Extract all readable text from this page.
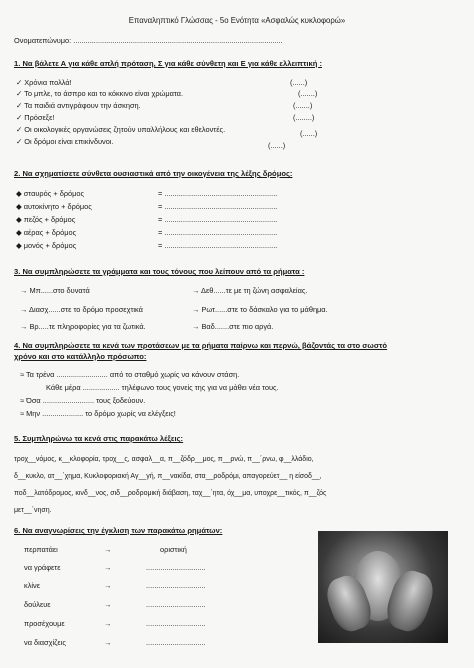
Επαναληπτικό Γλώσσας - 5ο Ενότητα «Ασφαλώς κυκλοφορώ»
Ονοματεπώνυμο: ......................................................................................................
1. Να βάλετε Α για κάθε απλή πρόταση, Σ για κάθε σύνθετη και Ε για κάθε ελλειπτική :
✓ Χρόνια πολλά!	(......)
✓ Το μπλε, το άσπρο και το κόκκινο είναι χρώματα.	(.......)
✓ Τα παιδιά αντιγράφουν την άσκηση.	(.......)
✓ Πρόσεξε!	(........)
✓ Οι οικολογικές οργανώσεις ζητούν υπαλλήλους και εθελοντές.	(......)
✓ Οι δρόμοι είναι επικίνδυνοι.	(......)
2. Να σχηματίσετε σύνθετα ουσιαστικά από την οικογένεια της λέξης δρόμος:
◆ σταυρός + δρόμος	= .......................................................
◆ αυτοκίνητο + δρόμος	= .......................................................
◆ πεζός + δρόμος	= .......................................................
◆ αέρας + δρόμος	= .......................................................
◆ μονός + δρόμος	= .......................................................
3. Να συμπληρώσετε τα γράμματα και τους τόνους που λείπουν από τα ρήματα :
→ Μπ......στο δυνατά	→ Δεθ......τε με τη ζώνη ασφαλείας.
→ Διασχ......στε το δρόμο προσεχτικά	→ Ρωτ......στε το δάσκαλο για το μάθημα.
→ Βρ.....τε πληροφορίες για τα ζωτικά.	→ Βαδ.......στε πιο αργά.
4. Να συμπληρώσετε τα κενά των προτάσεων με τα ρήματα παίρνω και περνώ, βάζοντάς τα στο σωστό
χρόνο και στο κατάλληλο πρόσωπο:
≈ Τα τρένα ......................... από το σταθμό χωρίς να κάνουν στάση.
Κάθε μέρα .................. τηλέφωνο τους γονείς της για να μάθει νέα τους.
≈ Όσα ......................... τους ξοδεύουν.
≈ Μην .................... το δρόμο χωρίς να ελέγξεις!
5. Συμπληρώνω τα κενά στις παρακάτω λέξεις:
τροχ__νόμος, κ__κλοφορία, τροχ__ς, ασφαλ__α, π__ζόδρ__μος, π__ρνώ, π__΄ρνω, φ__λλάδιο,
δ__κυκλο, ατ__΄χημα, Κυκλοφοριακή Αγ__γή, π__νακίδα, στα__ροδρόμι, απαγορεύετ__ η είσοδ__,
ποδ__λατόδρομος, κινδ__νος, σιδ__ροδρομική διάβαση, ταχ__΄ητα, όχ__μα, υποχρε__τικός, π__ζός
μετ__΄νηση.
6. Να αναγνωρίσεις την έγκλιση των παρακάτω ρημάτων:
περπατάει	→	οριστική
να γράφετε	→	.............................
κλίνε	→	.............................
δούλευε	→	.............................
προσέχουμε	→	.............................
να διασχίζεις	→	.............................
